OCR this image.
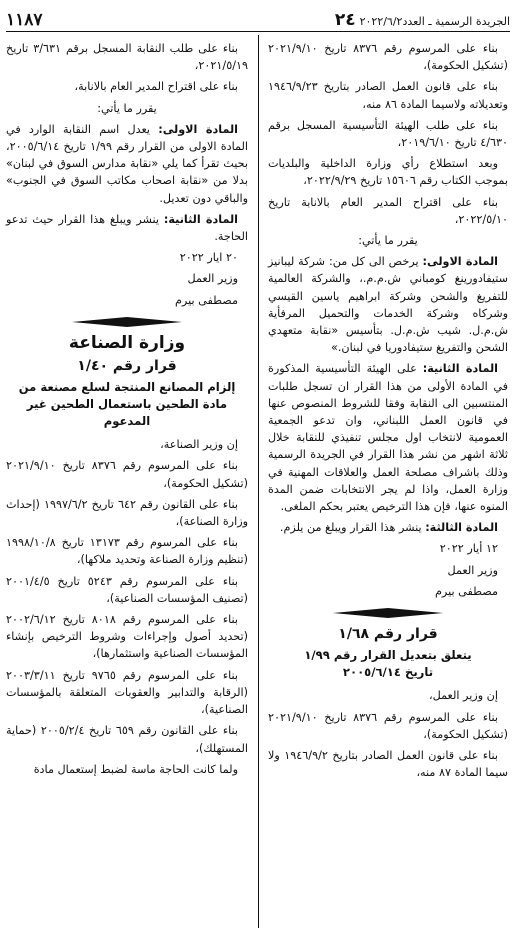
الجريدة الرسمية ـ العدد٢٤ ٢٠٢٢/٦/٢
١١٨٧

بناء على المرسوم رقم ٨٣٧٦ تاريخ ٢٠٢١/٩/١٠ (تشكيل الحكومة)،

بناء على قانون العمل الصادر بتاريخ ١٩٤٦/٩/٢٣ وتعديلاته ولاسيما المادة ٨٦ منه،

بناء على طلب الهيئة التأسيسية المسجل برقم ٤/٦٣٠ تاريخ ٢٠١٩/٦/١٠،

وبعد استطلاع رأي وزارة الداخلية والبلديات بموجب الكتاب رقم ١٥٦٠٦ تاريخ ٢٠٢٢/٩/٢٩،

بناء على اقتراح المدير العام بالانابة تاريخ ٢٠٢٢/٥/١٠،

يقرر ما يأتي:

المادة الاولى: يرخص الى كل من: شركة ليبانيز ستيفادورينغ كومباني ش.م.م.، والشركة العالمية للتفريغ والشحن وشركة ابراهيم ياسين القيسي وشركاه وشركة الخدمات والتحميل المرفأية ش.م.ل. شيب ش.م.ل. بتأسيس «نقابة متعهدي الشحن والتفريغ ستيفادوريا في لبنان.»

المادة الثانية: على الهيئة التأسيسية المذكورة في المادة الأولى من هذا القرار ان تسجل طلبات المنتسبين الى النقابة وفقا للشروط المنصوص عنها في قانون العمل اللبناني، وان تدعو الجمعية العمومية لانتخاب اول مجلس تنفيذي للنقابة خلال ثلاثة اشهر من نشر هذا القرار في الجريدة الرسمية وذلك باشراف مصلحة العمل والعلاقات المهنية في وزارة العمل، واذا لم يجر الانتخابات ضمن المدة المنوه عنها، فإن هذا الترخيص يعتبر بحكم الملغى.

المادة الثالثة: ينشر هذا القرار ويبلغ من يلزم.

١٢ أيار ٢٠٢٢

وزير العمل

مصطفى بيرم

قرار رقم ١/٦٨
يتعلق بتعديل القرار رقم ١/٩٩
تاريخ ٢٠٠٥/٦/١٤

إن وزير العمل،

بناء على المرسوم رقم ٨٣٧٦ تاريخ ٢٠٢١/٩/١٠ (تشكيل الحكومة)،

بناء على قانون العمل الصادر بتاريخ ١٩٤٦/٩/٢ ولا سيما المادة ٨٧ منه،

بناء على طلب النقابة المسجل برقم ٣/٦٣١ تاريخ ٢٠٢١/٥/١٩،

بناء على اقتراح المدير العام بالانابة،

يقرر ما يأتي:

المادة الاولى: يعدل اسم النقابة الوارد في المادة الاولى من القرار رقم ١/٩٩ تاريخ ٢٠٠٥/٦/١٤، بحيث تقرأ كما يلي «نقابة مدارس السوق في لبنان» بدلا من «نقابة اصحاب مكاتب السوق في الجنوب» والباقي دون تعديل.

المادة الثانية: ينشر ويبلغ هذا القرار حيث تدعو الحاجة.

٢٠ ايار ٢٠٢٢

وزير العمل

مصطفى بيرم

وزارة الصناعة
قرار رقم ١/٤٠
إلزام المصانع المنتجة لسلع مصنعة من مادة الطحين باستعمال الطحين غير المدعوم

إن وزير الصناعة،

بناء على المرسوم رقم ٨٣٧٦ تاريخ ٢٠٢١/٩/١٠ (تشكيل الحكومة)،

بناء على القانون رقم ٦٤٢ تاريخ ١٩٩٧/٦/٢ (إحداث وزارة الصناعة)،

بناء على المرسوم رقم ١٣١٧٣ تاريخ ١٩٩٨/١٠/٨ (تنظيم وزارة الصناعة وتحديد ملاكها)،

بناء على المرسوم رقم ٥٢٤٣ تاريخ ٢٠٠١/٤/٥ (تصنيف المؤسسات الصناعية)،

بناء على المرسوم رقم ٨٠١٨ تاريخ ٢٠٠٢/٦/١٢ (تحديد أصول وإجراءات وشروط الترخيص بإنشاء المؤسسات الصناعية واستثمارها)،

بناء على المرسوم رقم ٩٧٦٥ تاريخ ٢٠٠٣/٣/١١ (الرقابة والتدابير والعقوبات المتعلقة بالمؤسسات الصناعية)،

بناء على القانون رقم ٦٥٩ تاريخ ٢٠٠٥/٢/٤ (حماية المستهلك)،

ولما كانت الحاجة ماسة لضبط إستعمال مادة
